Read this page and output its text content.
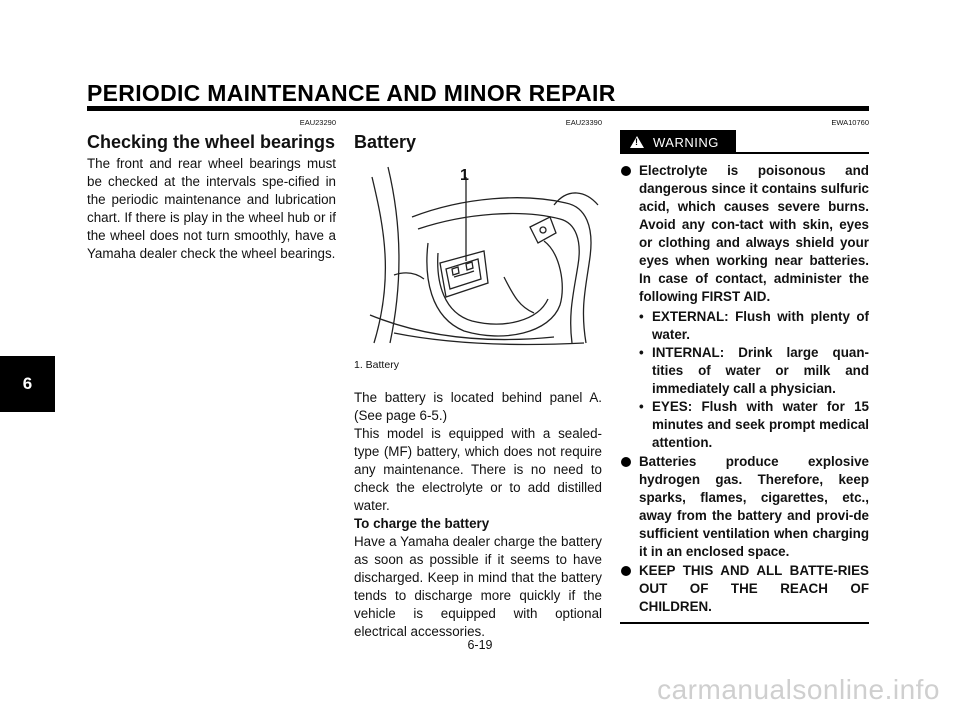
PERIODIC MAINTENANCE AND MINOR REPAIR
6
EAU23290
Checking the wheel bearings

The front and rear wheel bearings must be checked at the intervals spe-cified in the periodic maintenance and lubrication chart. If there is play in the wheel hub or if the wheel does not turn smoothly, have a Yamaha dealer check the wheel bearings.

EAU23390
Battery
1
1. Battery

The battery is located behind panel A. (See page 6-5.)

This model is equipped with a sealed-type (MF) battery, which does not require any maintenance. There is no need to check the electrolyte or to add distilled water.

To charge the battery

Have a Yamaha dealer charge the battery as soon as possible if it seems to have discharged. Keep in mind that the battery tends to discharge more quickly if the vehicle is equipped with optional electrical accessories.

EWA10760
!
WARNING
Electrolyte is poisonous and dangerous since it contains sulfuric acid, which causes severe burns. Avoid any con-tact with skin, eyes or clothing and always shield your eyes when working near batteries. In case of contact, administer the following FIRST AID.
• EXTERNAL: Flush with plenty of water.
• INTERNAL: Drink large quan-tities of water or milk and immediately call a physician.
• EYES: Flush with water for 15 minutes and seek prompt medical attention.
Batteries produce explosive hydrogen gas. Therefore, keep sparks, flames, cigarettes, etc., away from the battery and provi-de sufficient ventilation when charging it in an enclosed space.
KEEP THIS AND ALL BATTE-RIES OUT OF THE REACH OF CHILDREN.
6-19
carmanualsonline.info
